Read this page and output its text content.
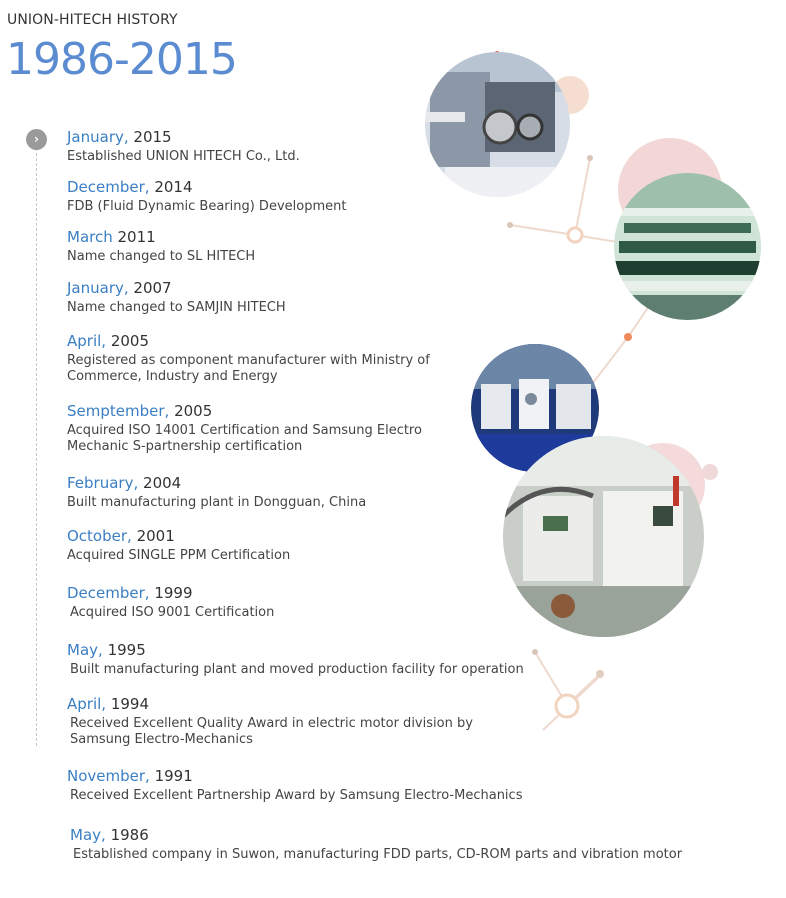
UNION-HITECH HISTORY
1986-2015
›	January, 2015
Established UNION HITECH Co., Ltd.
December, 2014
FDB (Fluid Dynamic Bearing) Development
March 2011
Name changed to SL HITECH
January, 2007
Name changed to SAMJIN HITECH
April, 2005
Registered as component manufacturer with Ministry of Commerce, Industry and Energy
Semptember, 2005
Acquired ISO 14001 Certification and Samsung Electro Mechanic S-partnership certification
February, 2004
Built manufacturing plant in Dongguan, China
October, 2001
Acquired SINGLE PPM Certification
December, 1999
Acquired ISO 9001 Certification
May, 1995
Built manufacturing plant and moved production facility for operation
April, 1994
Received Excellent Quality Award in electric motor division by Samsung Electro-Mechanics
November, 1991
Received Excellent Partnership Award by Samsung Electro-Mechanics
May, 1986
Established company in Suwon, manufacturing FDD parts, CD-ROM parts and vibration motor
